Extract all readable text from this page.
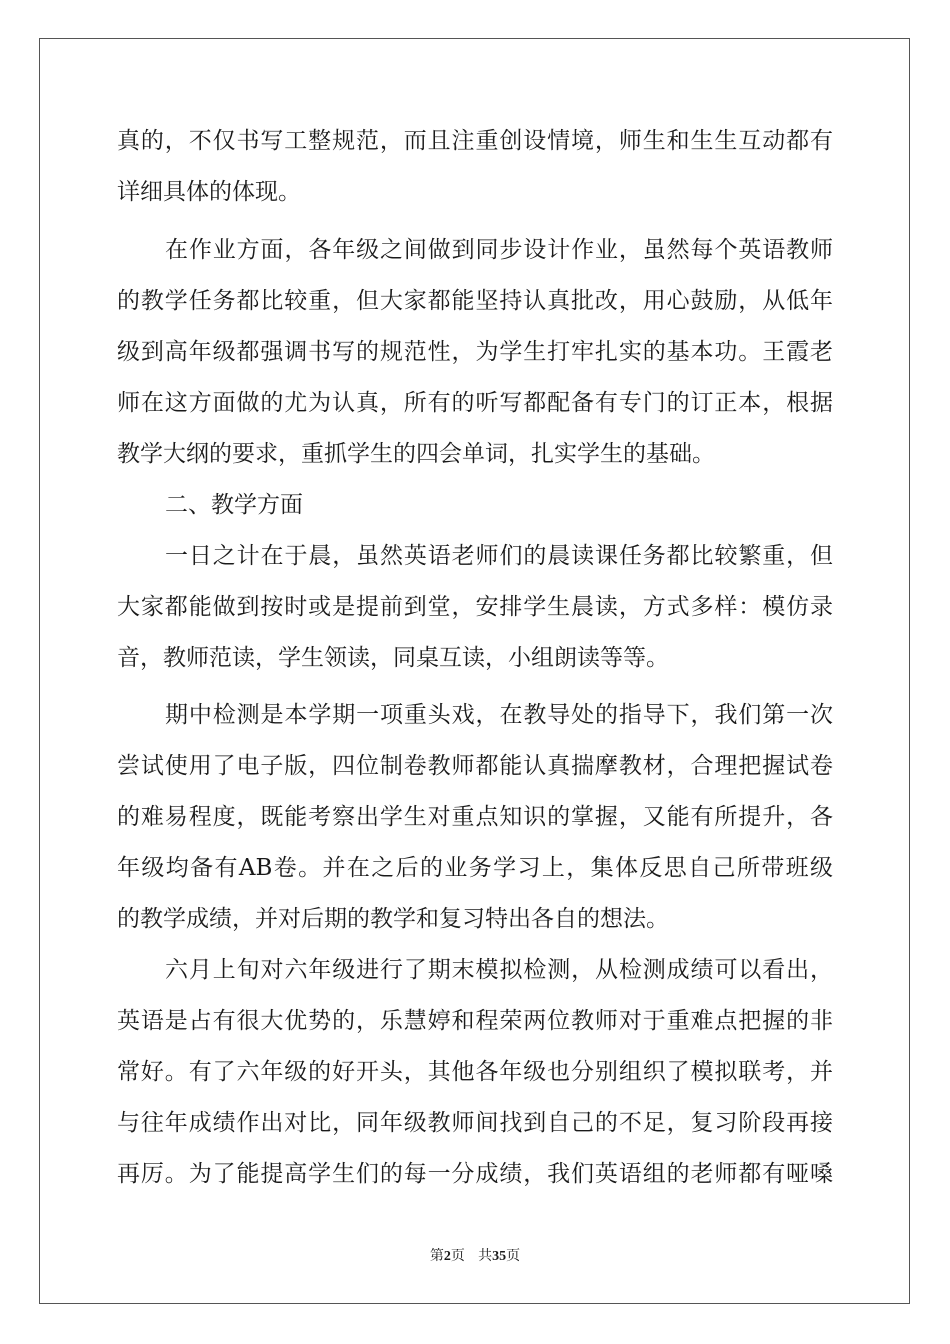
真的，不仅书写工整规范，而且注重创设情境，师生和生生互动都有
详细具体的体现。
在作业方面，各年级之间做到同步设计作业，虽然每个英语教师
的教学任务都比较重，但大家都能坚持认真批改，用心鼓励，从低年
级到高年级都强调书写的规范性，为学生打牢扎实的基本功。王霞老
师在这方面做的尤为认真，所有的听写都配备有专门的订正本，根据
教学大纲的要求，重抓学生的四会单词，扎实学生的基础。
二、教学方面
一日之计在于晨，虽然英语老师们的晨读课任务都比较繁重，但
大家都能做到按时或是提前到堂，安排学生晨读，方式多样：模仿录
音，教师范读，学生领读，同桌互读，小组朗读等等。
期中检测是本学期一项重头戏，在教导处的指导下，我们第一次
尝试使用了电子版，四位制卷教师都能认真揣摩教材，合理把握试卷
的难易程度，既能考察出学生对重点知识的掌握，又能有所提升，各
年级均备有AB卷。并在之后的业务学习上，集体反思自己所带班级
的教学成绩，并对后期的教学和复习特出各自的想法。
六月上旬对六年级进行了期末模拟检测，从检测成绩可以看出，
英语是占有很大优势的，乐慧婷和程荣两位教师对于重难点把握的非
常好。有了六年级的好开头，其他各年级也分别组织了模拟联考，并
与往年成绩作出对比，同年级教师间找到自己的不足，复习阶段再接
再厉。为了能提高学生们的每一分成绩，我们英语组的老师都有哑嗓
第2页 共35页
